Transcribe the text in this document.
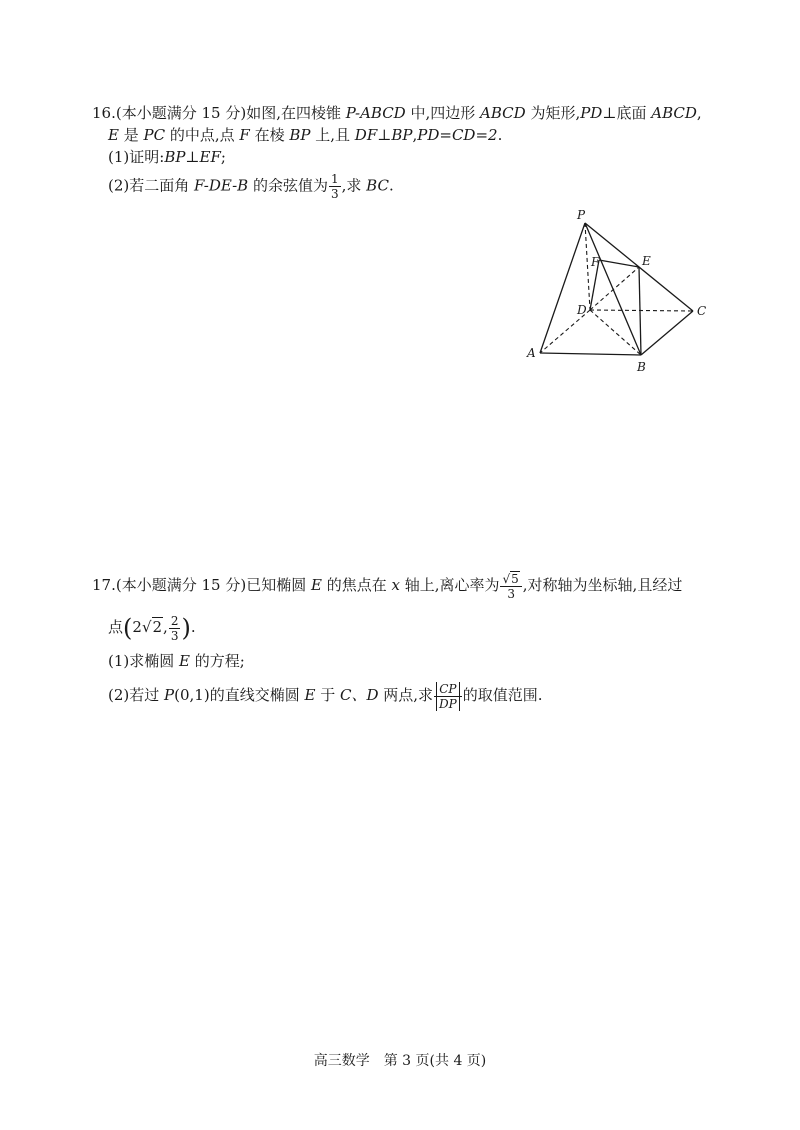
16.(本小题满分 15 分)如图,在四棱锥 P-ABCD 中,四边形 ABCD 为矩形,PD⊥底面 ABCD,
E 是 PC 的中点,点 F 在棱 BP 上,且 DF⊥BP,PD=CD=2.
(1)证明:BP⊥EF;
(2)若二面角 F-DE-B 的余弦值为 $\frac{1}{3}$ ,求 BC.
P
F	E
D	C
A
B
17.(本小题满分 15 分)已知椭圆 E 的焦点在 x 轴上,离心率为 $\frac{√5}{3}$ ,对称轴为坐标轴,且经过
点(2√2, $\frac{2}{3}$ ).
(1)求椭圆 E 的方程;
(2)若过 P(0,1)的直线交椭圆 E 于 C、D 两点,求 $\frac{CP}{DP}$ 的取值范围.
高三数学　第 3 页(共 4 页)
